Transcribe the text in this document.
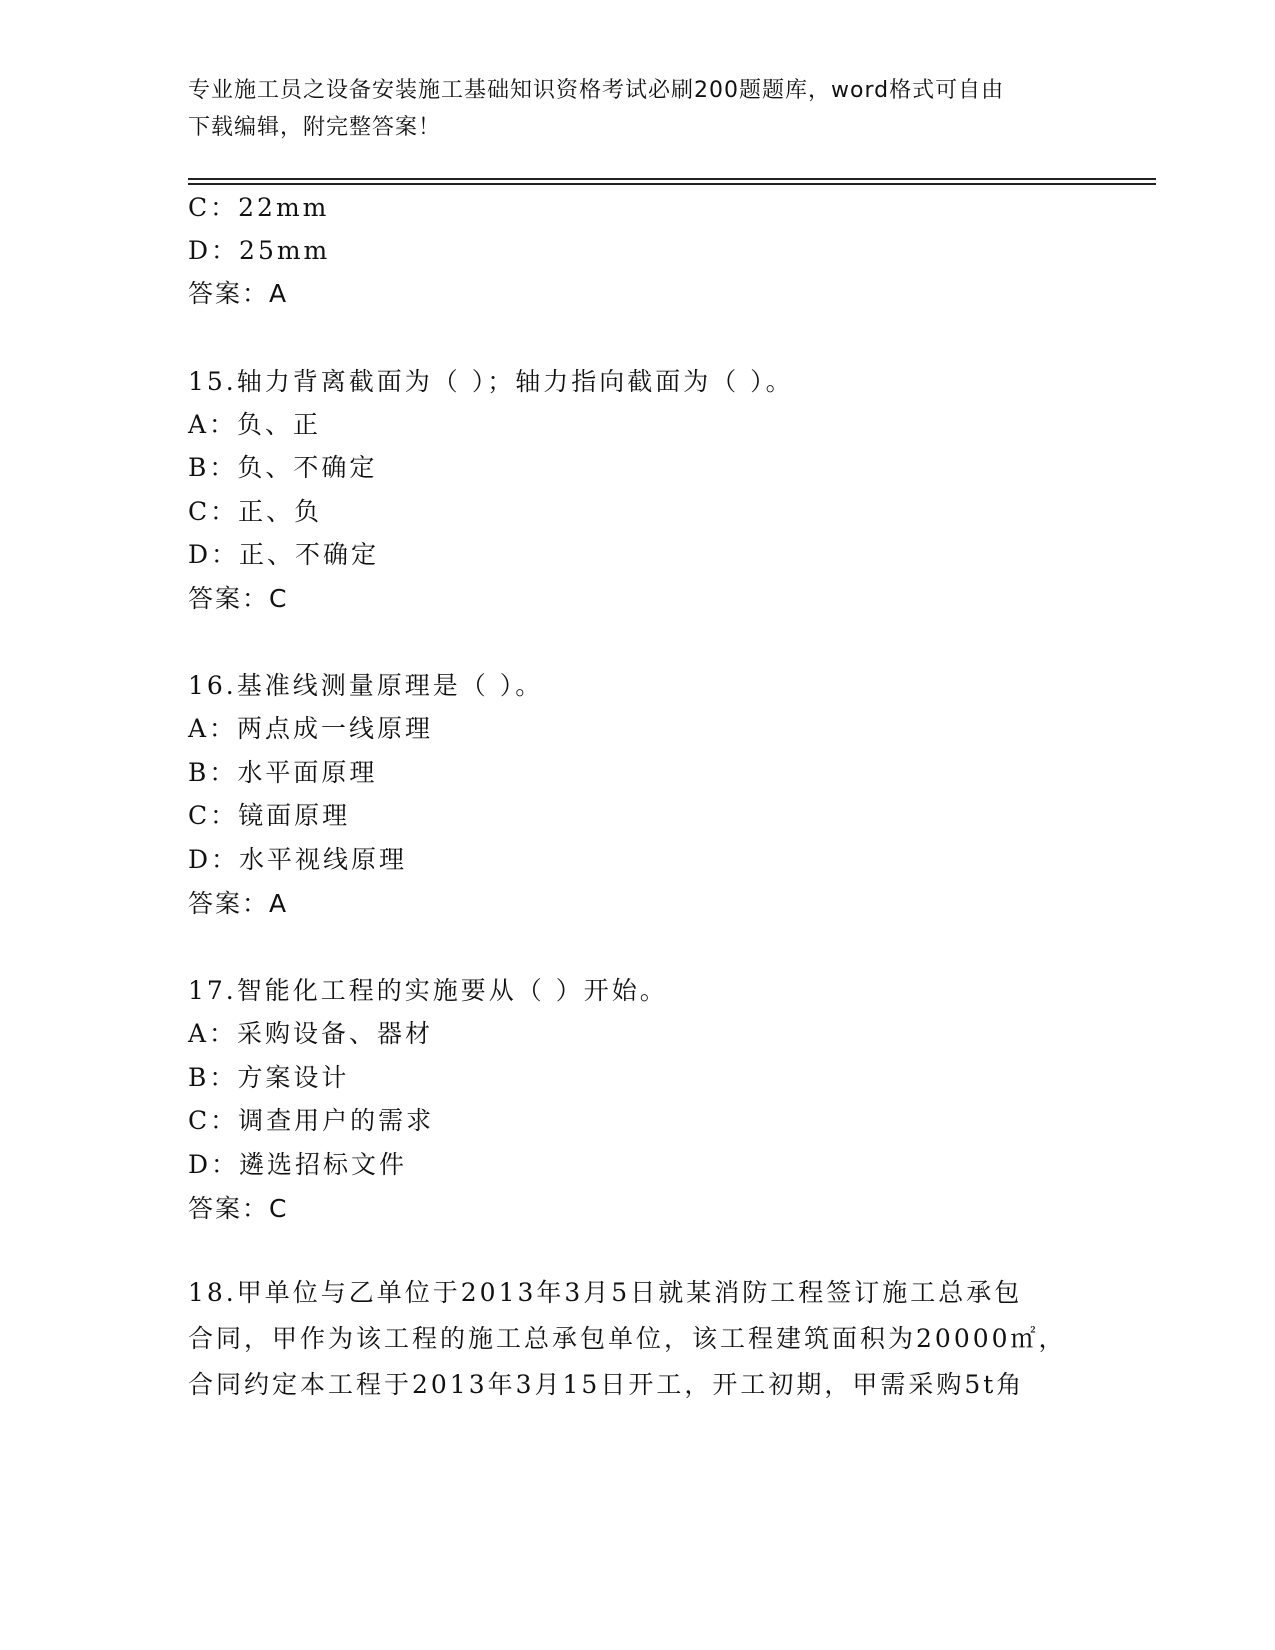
专业施工员之设备安装施工基础知识资格考试必刷200题题库，word格式可自由
下载编辑，附完整答案！
C：22mm
D：25mm
答案：A
15.轴力背离截面为（ ）；轴力指向截面为（ ）。
A：负、正
B：负、不确定
C：正、负
D：正、不确定
答案：C
16.基准线测量原理是（ ）。
A：两点成一线原理
B：水平面原理
C：镜面原理
D：水平视线原理
答案：A
17.智能化工程的实施要从（ ）开始。
A：采购设备、器材
B：方案设计
C：调查用户的需求
D：遴选招标文件
答案：C
18.甲单位与乙单位于2013年3月5日就某消防工程签订施工总承包
合同，甲作为该工程的施工总承包单位，该工程建筑面积为20000㎡，
合同约定本工程于2013年3月15日开工，开工初期，甲需采购5t角
